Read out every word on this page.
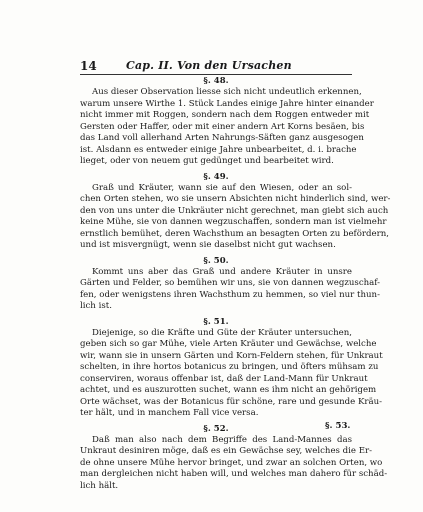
14	Cap. II. Von den Ursachen
§. 48.
Aus dieser Observation liesse sich nicht undeutlich erkennen,
warum unsere Wirthe 1. Stück Landes einige Jahre hinter einander
nicht immer mit Roggen, sondern nach dem Roggen entweder mit
Gersten oder Haffer, oder mit einer andern Art Korns besäen, bis
das Land voll allerhand Arten Nahrungs-Säften ganz ausgesogen
ist. Alsdann es entweder einige Jahre unbearbeitet, d. i. brache
lieget, oder von neuem gut gedünget und bearbeitet wird.
§. 49.
Graß und Kräuter, wann sie auf den Wiesen, oder an sol-
chen Orten stehen, wo sie unsern Absichten nicht hinderlich sind, wer-
den von uns unter die Unkräuter nicht gerechnet, man giebt sich auch
keine Mühe, sie von dannen wegzuschaffen, sondern man ist vielmehr
ernstlich bemühet, deren Wachsthum an besagten Orten zu befördern,
und ist misvergnügt, wenn sie daselbst nicht gut wachsen.
§. 50.
Kommt uns aber das Graß und andere Kräuter in unsre
Gärten und Felder, so bemühen wir uns, sie von dannen wegzuschaf-
fen, oder wenigstens ihren Wachsthum zu hemmen, so viel nur thun-
lich ist.
§. 51.
Diejenige, so die Kräfte und Güte der Kräuter untersuchen,
geben sich so gar Mühe, viele Arten Kräuter und Gewächse, welche
wir, wann sie in unsern Gärten und Korn-Feldern stehen, für Unkraut
schelten, in ihre hortos botanicus zu bringen, und öfters mühsam zu
conserviren, woraus offenbar ist, daß der Land-Mann für Unkraut
achtet, und es auszurotten suchet, wann es ihm nicht an gehörigem
Orte wächset, was der Botanicus für schöne, rare und gesunde Kräu-
ter hält, und in manchem Fall vice versa.
§. 52.
Daß man also nach dem Begriffe des Land-Mannes das
Unkraut desiniren möge, daß es ein Gewächse sey, welches die Er-
de ohne unsere Mühe hervor bringet, und zwar an solchen Orten, wo
man dergleichen nicht haben will, und welches man dahero für schäd-
lich hält.
§. 53.
